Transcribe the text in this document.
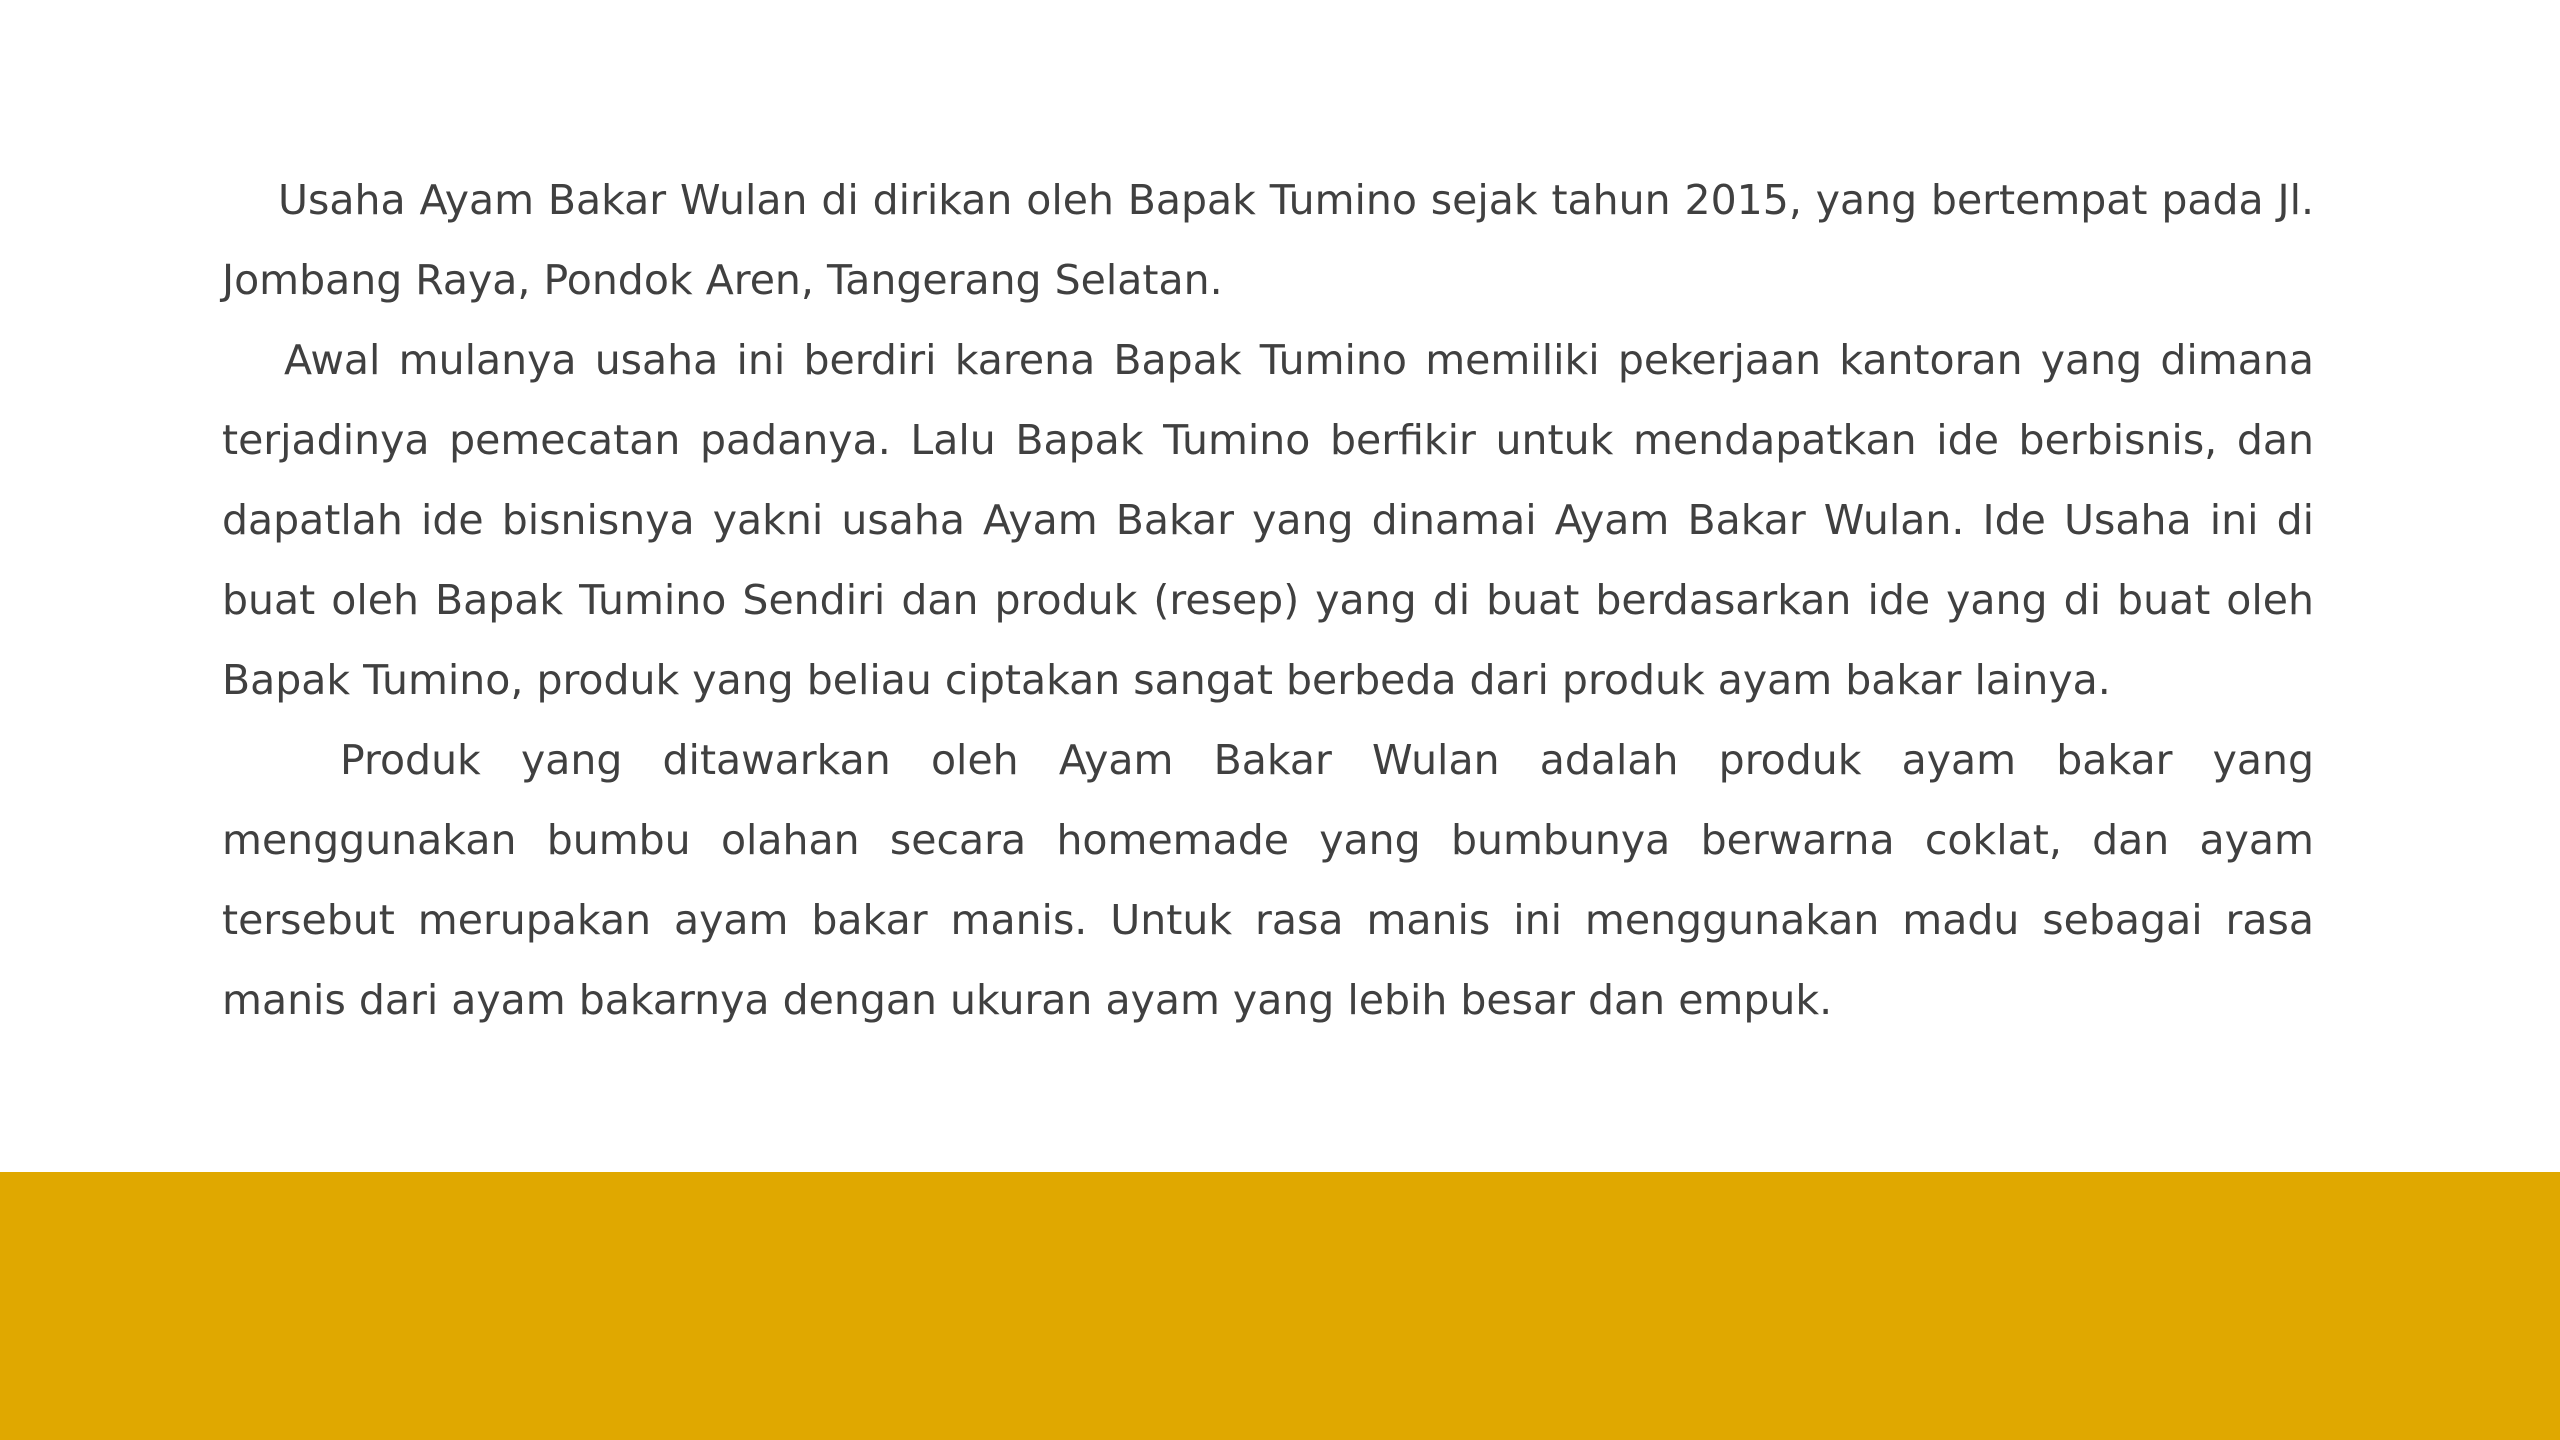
Usaha Ayam Bakar Wulan di dirikan oleh Bapak Tumino sejak tahun 2015, yang bertempat pada Jl. Jombang Raya, Pondok Aren, Tangerang Selatan.

Awal mulanya usaha ini berdiri karena Bapak Tumino memiliki pekerjaan kantoran yang dimana terjadinya pemecatan padanya. Lalu Bapak Tumino berfikir untuk mendapatkan ide berbisnis, dan dapatlah ide bisnisnya yakni usaha Ayam Bakar yang dinamai Ayam Bakar Wulan. Ide Usaha ini di buat oleh Bapak Tumino Sendiri dan produk (resep) yang di buat berdasarkan ide yang di buat oleh Bapak Tumino, produk yang beliau ciptakan sangat berbeda dari produk ayam bakar lainya.

Produk yang ditawarkan oleh Ayam Bakar Wulan adalah produk ayam bakar yang menggunakan bumbu olahan secara homemade yang bumbunya berwarna coklat, dan ayam tersebut merupakan ayam bakar manis. Untuk rasa manis ini menggunakan madu sebagai rasa manis dari ayam bakarnya dengan ukuran ayam yang lebih besar dan empuk.
